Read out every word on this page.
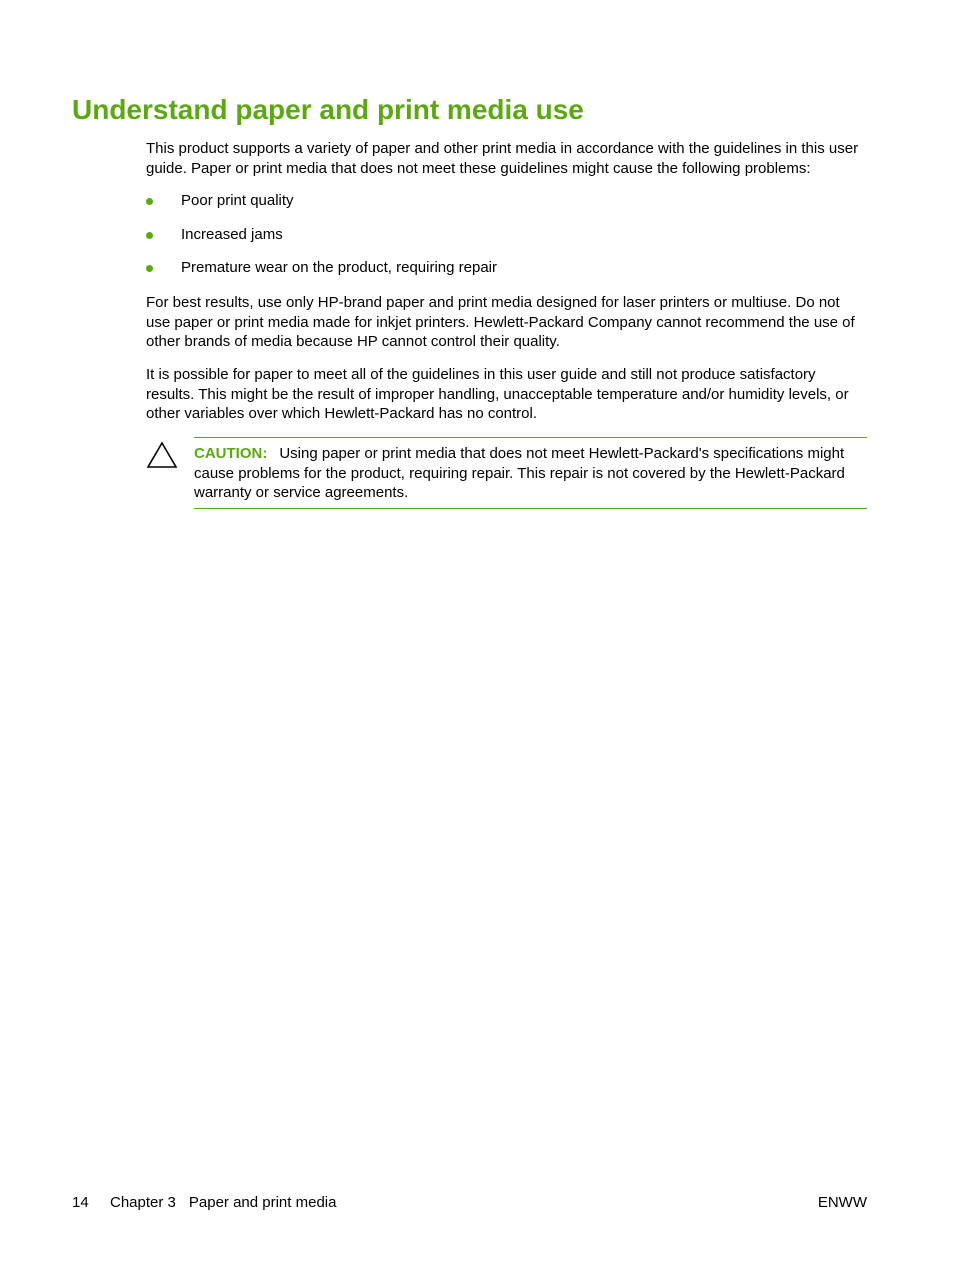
Understand paper and print media use

This product supports a variety of paper and other print media in accordance with the guidelines in this user guide. Paper or print media that does not meet these guidelines might cause the following problems:

Poor print quality
Increased jams
Premature wear on the product, requiring repair

For best results, use only HP-brand paper and print media designed for laser printers or multiuse. Do not use paper or print media made for inkjet printers. Hewlett-Packard Company cannot recommend the use of other brands of media because HP cannot control their quality.

It is possible for paper to meet all of the guidelines in this user guide and still not produce satisfactory results. This might be the result of improper handling, unacceptable temperature and/or humidity levels, or other variables over which Hewlett-Packard has no control.

CAUTION: Using paper or print media that does not meet Hewlett-Packard's specifications might cause problems for the product, requiring repair. This repair is not covered by the Hewlett-Packard warranty or service agreements.

14 Chapter 3 Paper and print media	ENWW
